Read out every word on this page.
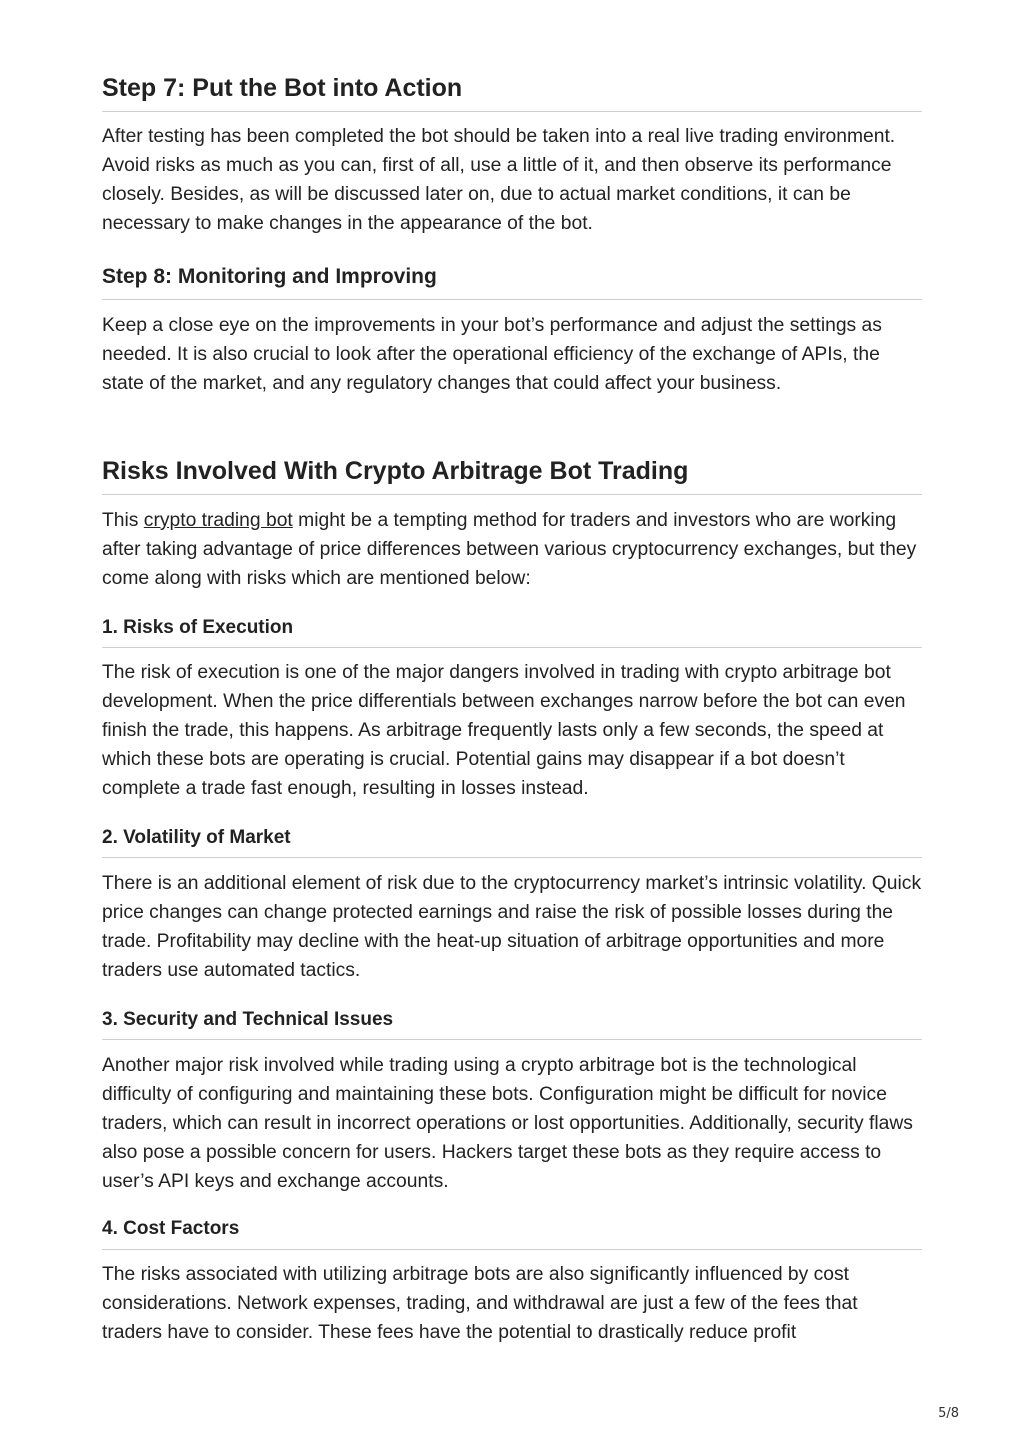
Step 7: Put the Bot into Action

After testing has been completed the bot should be taken into a real live trading environment. Avoid risks as much as you can, first of all, use a little of it, and then observe its performance closely. Besides, as will be discussed later on, due to actual market conditions, it can be necessary to make changes in the appearance of the bot.

Step 8: Monitoring and Improving

Keep a close eye on the improvements in your bot’s performance and adjust the settings as needed. It is also crucial to look after the operational efficiency of the exchange of APIs, the state of the market, and any regulatory changes that could affect your business.

Risks Involved With Crypto Arbitrage Bot Trading

This crypto trading bot might be a tempting method for traders and investors who are working after taking advantage of price differences between various cryptocurrency exchanges, but they come along with risks which are mentioned below:

1. Risks of Execution

The risk of execution is one of the major dangers involved in trading with crypto arbitrage bot development. When the price differentials between exchanges narrow before the bot can even finish the trade, this happens. As arbitrage frequently lasts only a few seconds, the speed at which these bots are operating is crucial. Potential gains may disappear if a bot doesn’t complete a trade fast enough, resulting in losses instead.

2. Volatility of Market

There is an additional element of risk due to the cryptocurrency market’s intrinsic volatility. Quick price changes can change protected earnings and raise the risk of possible losses during the trade. Profitability may decline with the heat-up situation of arbitrage opportunities and more traders use automated tactics.

3. Security and Technical Issues

Another major risk involved while trading using a crypto arbitrage bot is the technological difficulty of configuring and maintaining these bots. Configuration might be difficult for novice traders, which can result in incorrect operations or lost opportunities. Additionally, security flaws also pose a possible concern for users. Hackers target these bots as they require access to user’s API keys and exchange accounts.

4. Cost Factors

The risks associated with utilizing arbitrage bots are also significantly influenced by cost considerations. Network expenses, trading, and withdrawal are just a few of the fees that traders have to consider. These fees have the potential to drastically reduce profit

5/8
